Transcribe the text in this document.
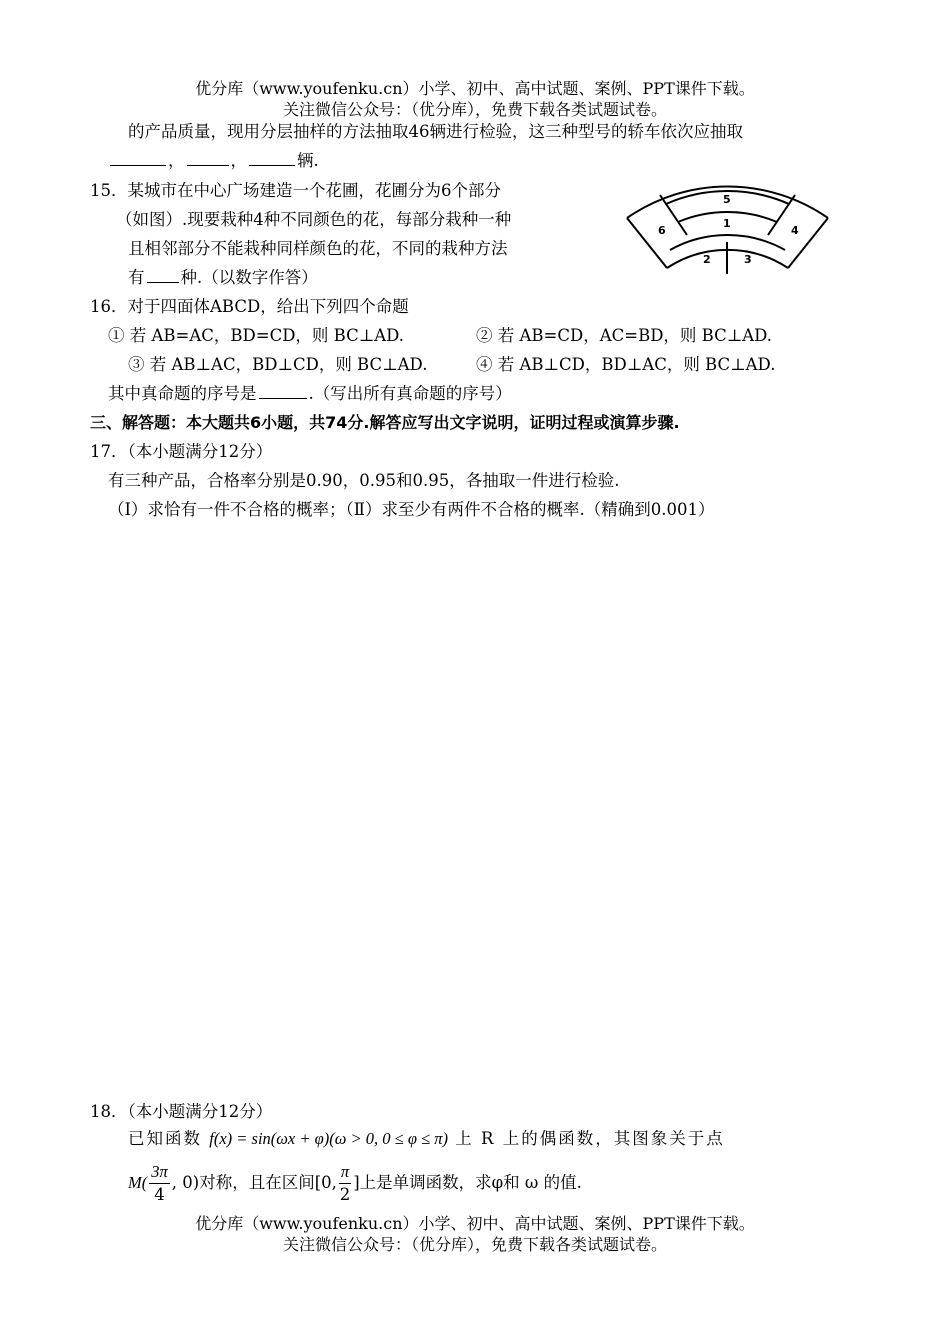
优分库（www.youfenku.cn）小学、初中、高中试题、案例、PPT课件下载。
关注微信公众号：（优分库），免费下载各类试题试卷。
的产品质量，现用分层抽样的方法抽取46辆进行检验，这三种型号的轿车依次应抽取
，	，	辆.
15．某城市在中心广场建造一个花圃，花圃分为6个部分
（如图）.现要栽种4种不同颜色的花，每部分栽种一种
且相邻部分不能栽种同样颜色的花，不同的栽种方法
有 种.（以数字作答）
5
1
6	4
2	3
16．对于四面体ABCD，给出下列四个命题
① 若 AB=AC，BD=CD，则 BC⊥AD.	② 若 AB=CD，AC=BD，则 BC⊥AD.
③ 若 AB⊥AC，BD⊥CD，则 BC⊥AD.	④ 若 AB⊥CD，BD⊥AC，则 BC⊥AD.
其中真命题的序号是	.（写出所有真命题的序号）
三、解答题：本大题共6小题，共74分.解答应写出文字说明，证明过程或演算步骤.
17．（本小题满分12分）
有三种产品，合格率分别是0.90，0.95和0.95，各抽取一件进行检验.
（Ⅰ）求恰有一件不合格的概率；（Ⅱ）求至少有两件不合格的概率.（精确到0.001）
18．（本小题满分12分）
已知函数 f(x) = sin(ωx + φ)(ω > 0, 0 ≤ φ ≤ π) 上 R 上的偶函数，其图象关于点
$M( \frac{3\pi}{4}$ , 0) 对称，且在区间 [0, $\frac{\pi}{2}$ ] 上是单调函数，求φ和 ω 的值.
优分库（www.youfenku.cn）小学、初中、高中试题、案例、PPT课件下载。
关注微信公众号：（优分库），免费下载各类试题试卷。
